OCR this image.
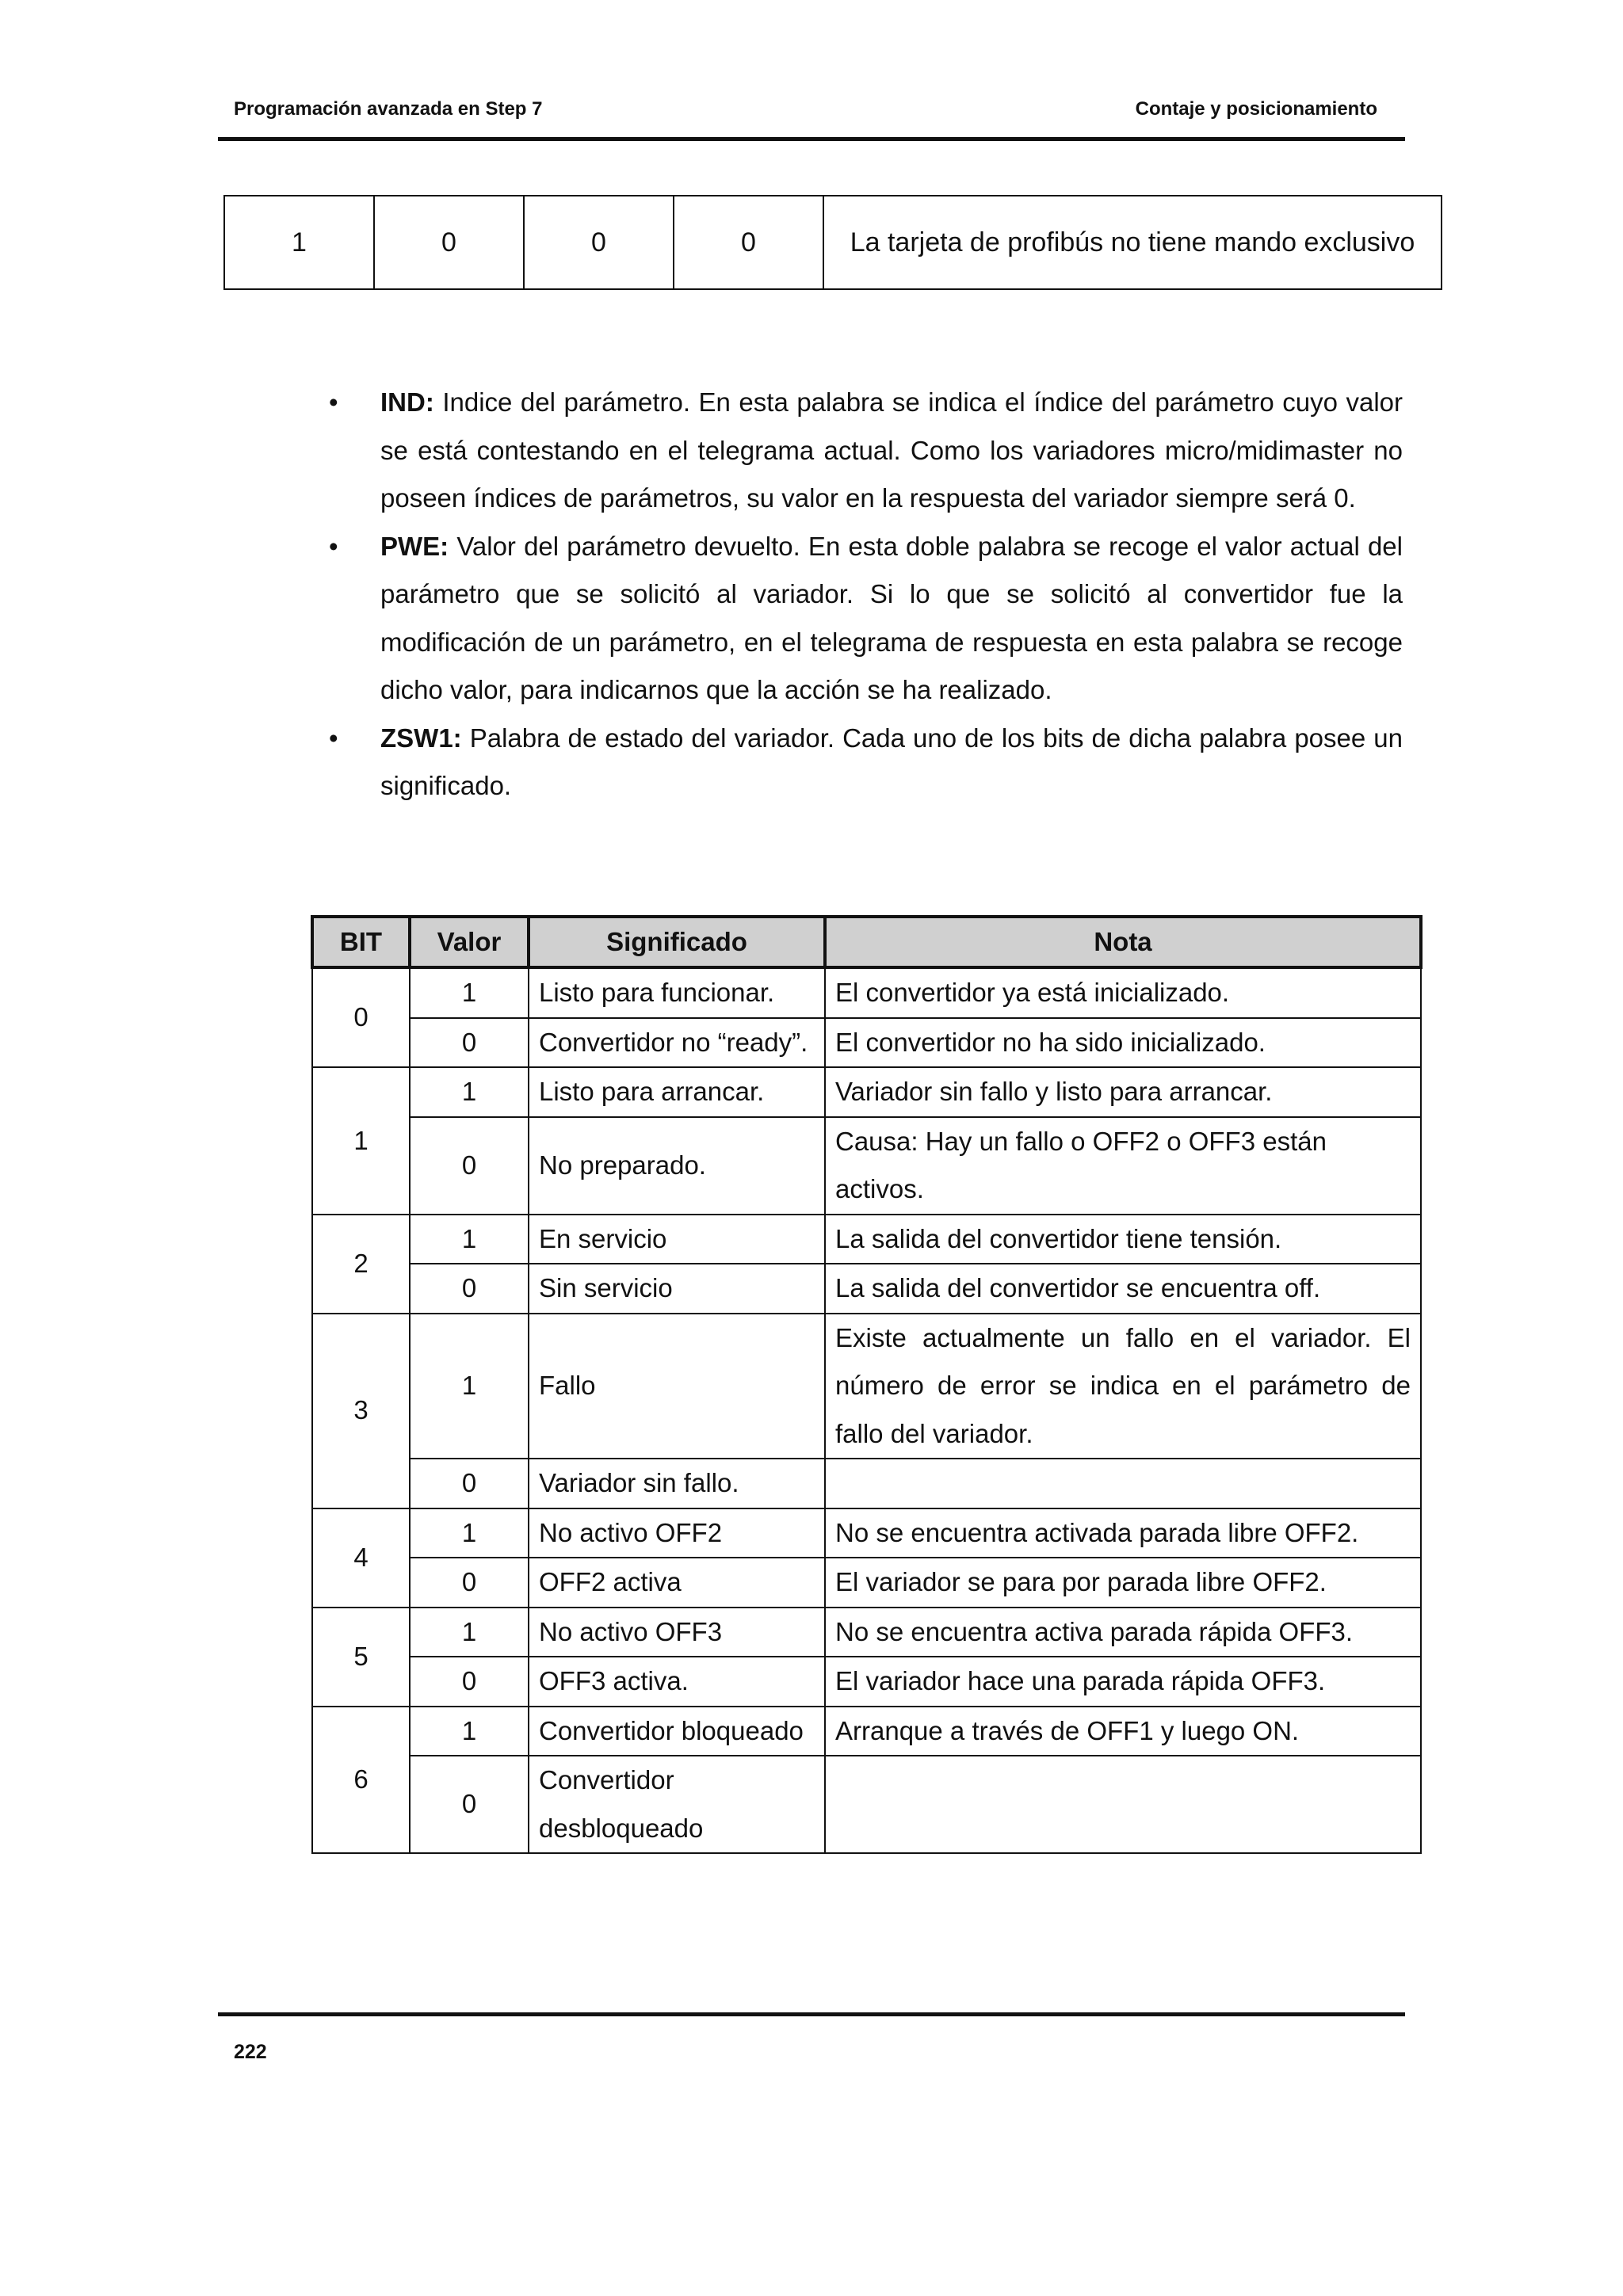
Programación avanzada en Step 7	Contaje y posicionamiento
1	0	0	0	La tarjeta de profibús no tiene mando exclusivo
•	IND: Indice del parámetro. En esta palabra se indica el índice del parámetro cuyo valor se está contestando en el telegrama actual. Como los variadores micro/midimaster no poseen índices de parámetros, su valor en la respuesta del variador siempre será 0.
•	PWE: Valor del parámetro devuelto. En esta doble palabra se recoge el valor actual del parámetro que se solicitó al variador. Si lo que se solicitó al convertidor fue la modificación de un parámetro, en el telegrama de respuesta en esta palabra se recoge dicho valor, para indicarnos que la acción se ha realizado.
•	ZSW1: Palabra de estado del variador. Cada uno de los bits de dicha palabra posee un significado.
BIT	Valor	Significado	Nota
0	1	Listo para funcionar.	El convertidor ya está inicializado.
	0	Convertidor no “ready”.	El convertidor no ha sido inicializado.
1	1	Listo para arrancar.	Variador sin fallo y listo para arrancar.
	0	No preparado.	Causa: Hay un fallo o OFF2 o OFF3 están activos.
2	1	En servicio	La salida del convertidor tiene tensión.
	0	Sin servicio	La salida del convertidor se encuentra off.
3	1	Fallo	Existe actualmente un fallo en el variador. El número de error se indica en el parámetro de fallo del variador.
	0	Variador sin fallo.	
4	1	No activo OFF2	No se encuentra activada parada libre OFF2.
	0	OFF2 activa	El variador se para por parada libre OFF2.
5	1	No activo OFF3	No se encuentra activa parada rápida OFF3.
	0	OFF3 activa.	El variador hace una parada rápida OFF3.
6	1	Convertidor bloqueado	Arranque a través de OFF1 y luego ON.
	0	Convertidor desbloqueado	
222
